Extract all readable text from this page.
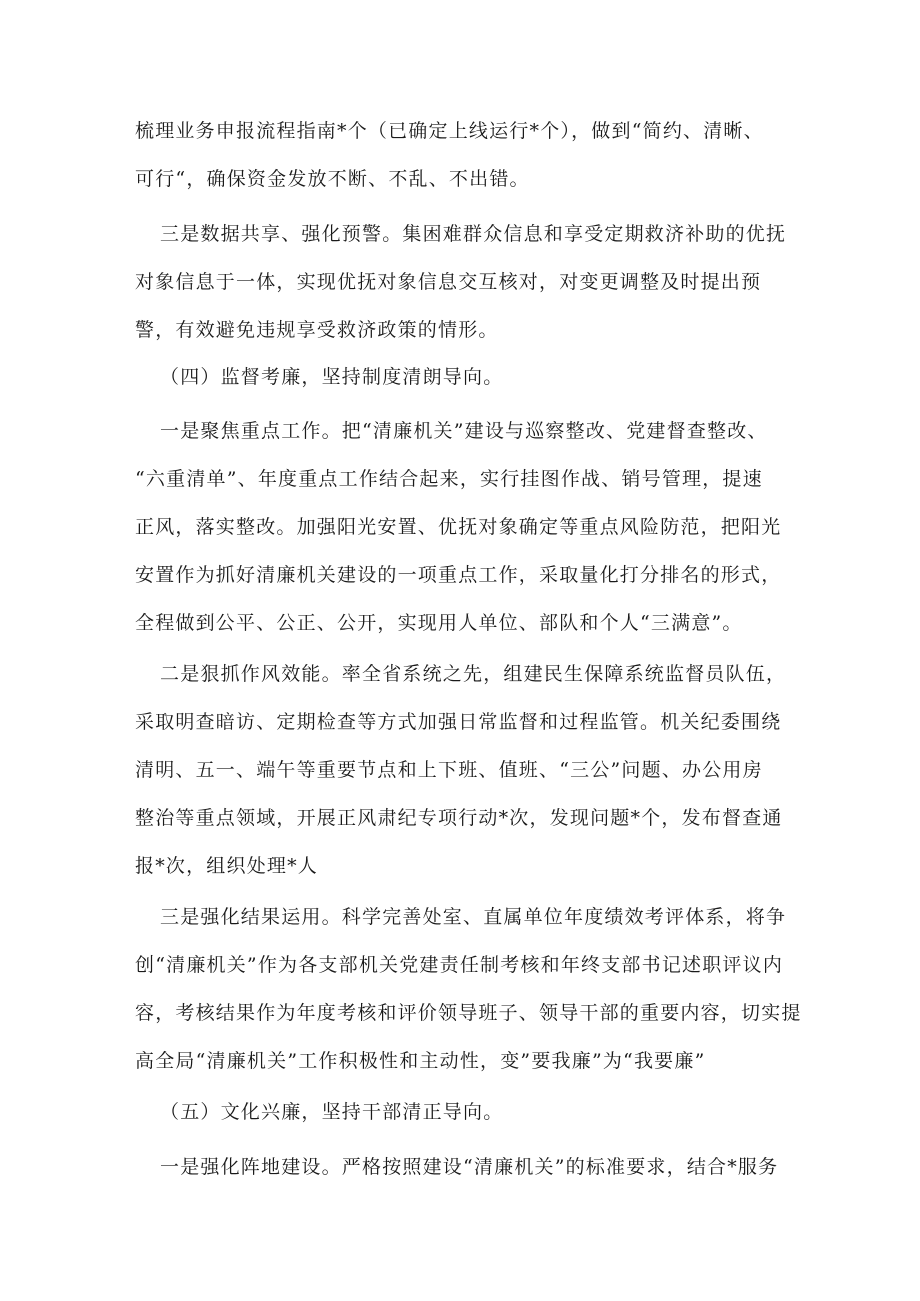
梳理业务申报流程指南*个（已确定上线运行*个），做到“简约、清晰、
可行“，确保资金发放不断、不乱、不出错。
三是数据共享、强化预警。集困难群众信息和享受定期救济补助的优抚
对象信息于一体，实现优抚对象信息交互核对，对变更调整及时提出预
警，有效避免违规享受救济政策的情形。
（四）监督考廉，坚持制度清朗导向。
一是聚焦重点工作。把“清廉机关”建设与巡察整改、党建督查整改、
“六重清单”、年度重点工作结合起来，实行挂图作战、销号管理，提速
正风，落实整改。加强阳光安置、优抚对象确定等重点风险防范，把阳光
安置作为抓好清廉机关建设的一项重点工作，采取量化打分排名的形式，
全程做到公平、公正、公开，实现用人单位、部队和个人“三满意”。
二是狠抓作风效能。率全省系统之先，组建民生保障系统监督员队伍，
采取明查暗访、定期检查等方式加强日常监督和过程监管。机关纪委围绕
清明、五一、端午等重要节点和上下班、值班、“三公”问题、办公用房
整治等重点领域，开展正风肃纪专项行动*次，发现问题*个，发布督查通
报*次，组织处理*人
三是强化结果运用。科学完善处室、直属单位年度绩效考评体系，将争
创“清廉机关”作为各支部机关党建责任制考核和年终支部书记述职评议内
容，考核结果作为年度考核和评价领导班子、领导干部的重要内容，切实提
高全局“清廉机关”工作积极性和主动性，变”要我廉”为“我要廉”
（五）文化兴廉，坚持干部清正导向。
一是强化阵地建设。严格按照建设“清廉机关”的标准要求，结合*服务
